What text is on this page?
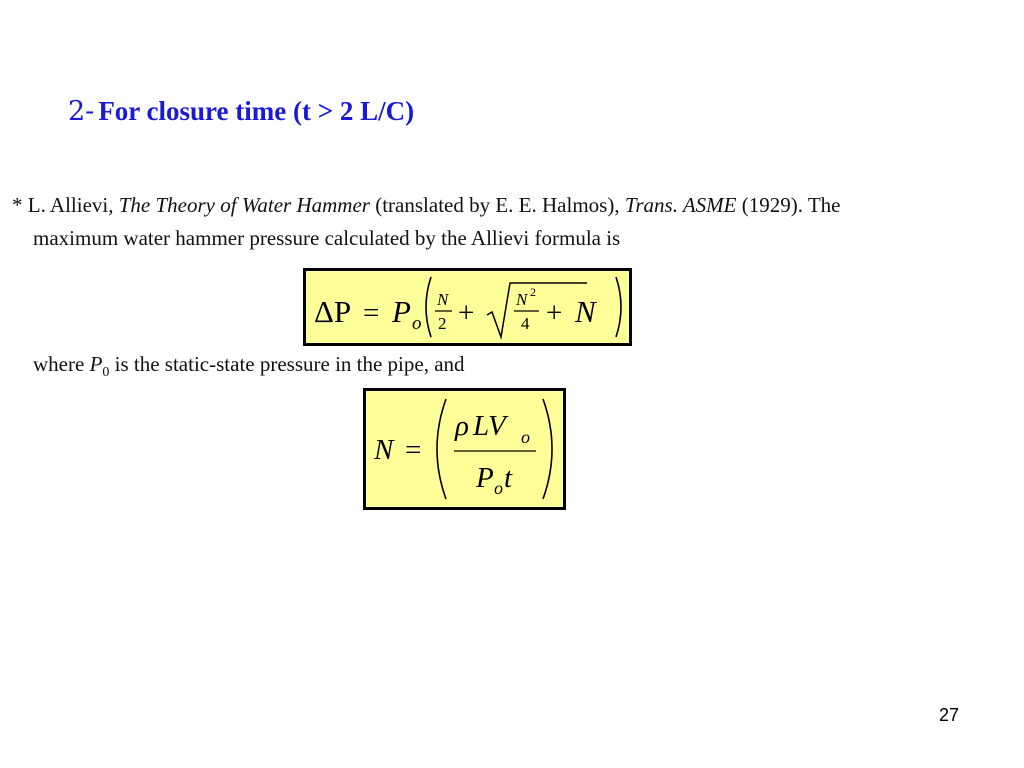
2- For closure time (t > 2 L/C)
* L. Allievi, The Theory of Water Hammer (translated by E. E. Halmos), Trans. ASME (1929). The
maximum water hammer pressure calculated by the Allievi formula is
ΔP = P o
N
2 + N 2
4 + N
where $P_0$ is the static-state pressure in the pipe, and
N =
ρ LV o
P o t
27
